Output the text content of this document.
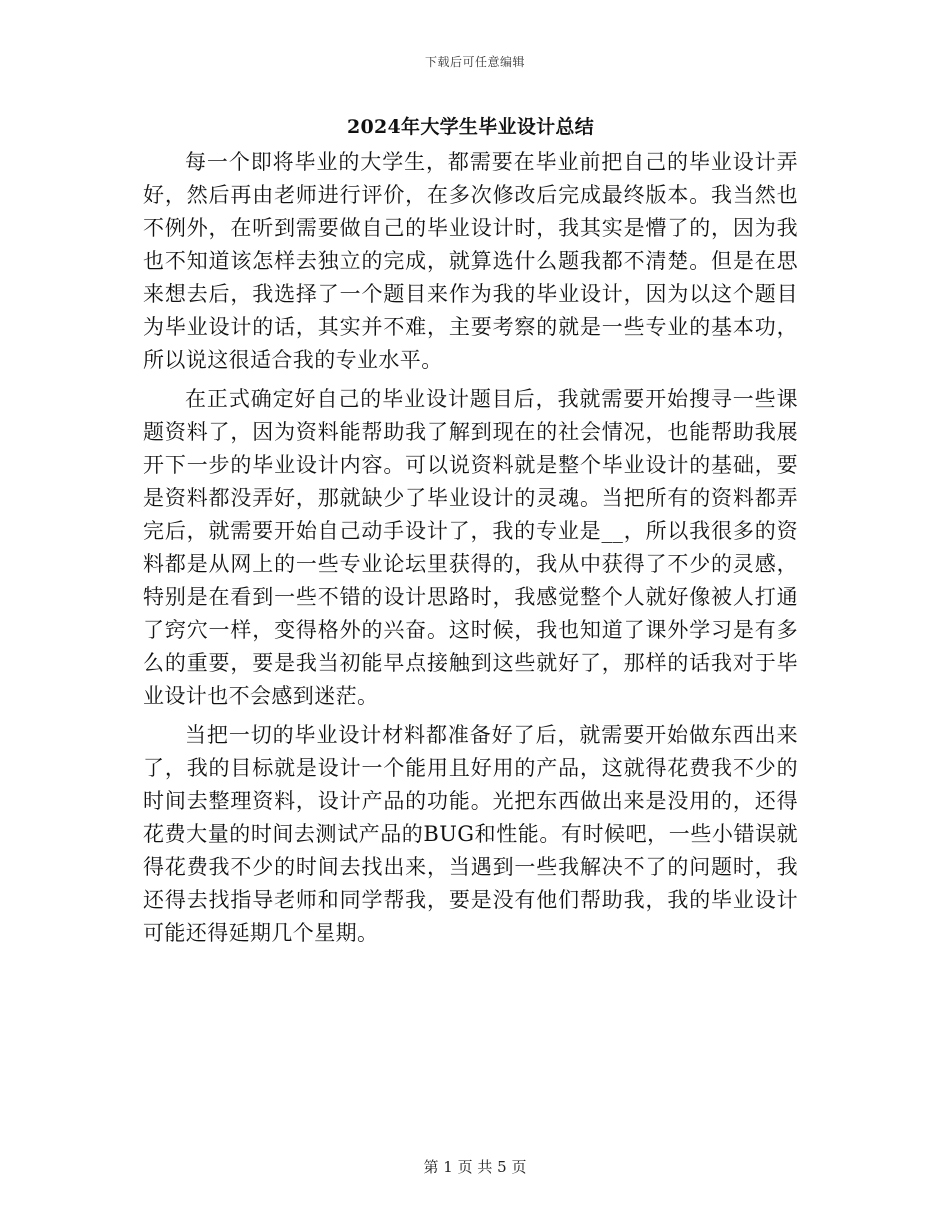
下载后可任意编辑
2024年大学生毕业设计总结

每一个即将毕业的大学生，都需要在毕业前把自己的毕业设计弄好，然后再由老师进行评价，在多次修改后完成最终版本。我当然也不例外，在听到需要做自己的毕业设计时，我其实是懵了的，因为我也不知道该怎样去独立的完成，就算选什么题我都不清楚。但是在思来想去后，我选择了一个题目来作为我的毕业设计，因为以这个题目为毕业设计的话，其实并不难，主要考察的就是一些专业的基本功，所以说这很适合我的专业水平。

在正式确定好自己的毕业设计题目后，我就需要开始搜寻一些课题资料了，因为资料能帮助我了解到现在的社会情况，也能帮助我展开下一步的毕业设计内容。可以说资料就是整个毕业设计的基础，要是资料都没弄好，那就缺少了毕业设计的灵魂。当把所有的资料都弄完后，就需要开始自己动手设计了，我的专业是__，所以我很多的资料都是从网上的一些专业论坛里获得的，我从中获得了不少的灵感，特别是在看到一些不错的设计思路时，我感觉整个人就好像被人打通了窍穴一样，变得格外的兴奋。这时候，我也知道了课外学习是有多么的重要，要是我当初能早点接触到这些就好了，那样的话我对于毕业设计也不会感到迷茫。

当把一切的毕业设计材料都准备好了后，就需要开始做东西出来了，我的目标就是设计一个能用且好用的产品，这就得花费我不少的时间去整理资料，设计产品的功能。光把东西做出来是没用的，还得花费大量的时间去测试产品的BUG和性能。有时候吧，一些小错误就得花费我不少的时间去找出来，当遇到一些我解决不了的问题时，我还得去找指导老师和同学帮我，要是没有他们帮助我，我的毕业设计可能还得延期几个星期。

第 1 页 共 5 页
